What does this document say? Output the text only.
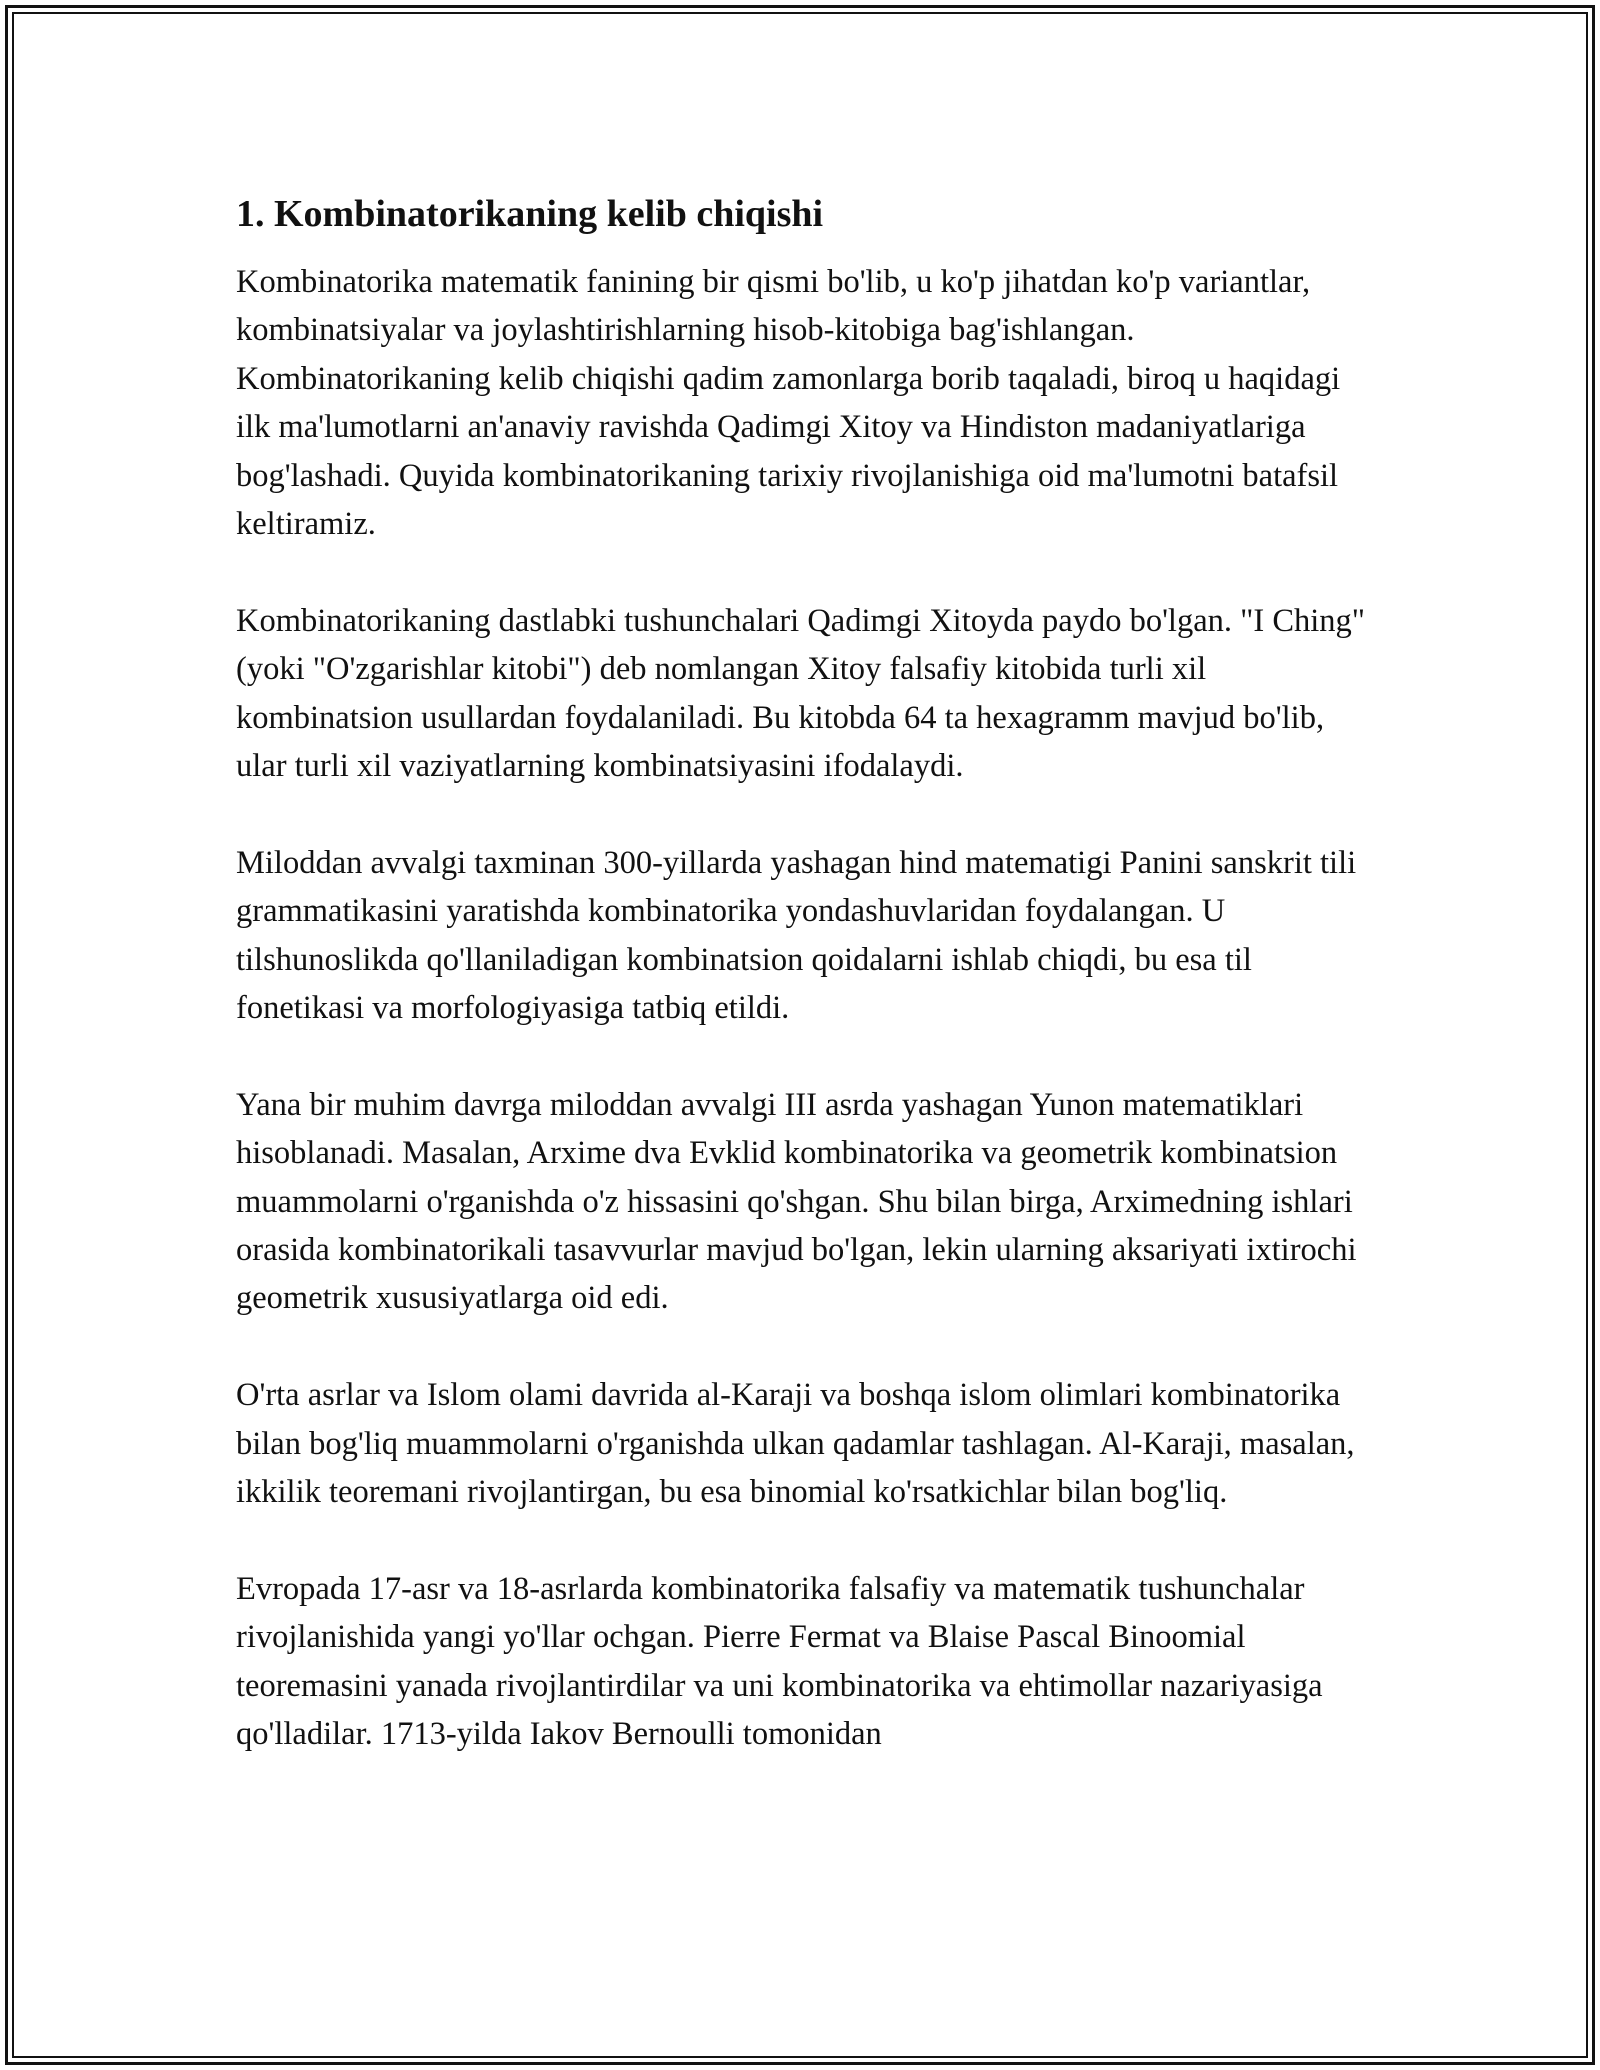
1. Kombinatorikaning kelib chiqishi

Kombinatorika matematik fanining bir qismi bo'lib, u ko'p jihatdan ko'p variantlar, kombinatsiyalar va joylashtirishlarning hisob-kitobiga bag'ishlangan. Kombinatorikaning kelib chiqishi qadim zamonlarga borib taqaladi, biroq u haqidagi ilk ma'lumotlarni an'anaviy ravishda Qadimgi Xitoy va Hindiston madaniyatlariga bog'lashadi. Quyida kombinatorikaning tarixiy rivojlanishiga oid ma'lumotni batafsil keltiramiz.

Kombinatorikaning dastlabki tushunchalari Qadimgi Xitoyda paydo bo'lgan. "I Ching" (yoki "O'zgarishlar kitobi") deb nomlangan Xitoy falsafiy kitobida turli xil kombinatsion usullardan foydalaniladi. Bu kitobda 64 ta hexagramm mavjud bo'lib, ular turli xil vaziyatlarning kombinatsiyasini ifodalaydi.

Miloddan avvalgi taxminan 300-yillarda yashagan hind matematigi Panini sanskrit tili grammatikasini yaratishda kombinatorika yondashuvlaridan foydalangan. U tilshunoslikda qo'llaniladigan kombinatsion qoidalarni ishlab chiqdi, bu esa til fonetikasi va morfologiyasiga tatbiq etildi.

Yana bir muhim davrga miloddan avvalgi III asrda yashagan Yunon matematiklari hisoblanadi. Masalan, Arxime dva Evklid kombinatorika va geometrik kombinatsion muammolarni o'rganishda o'z hissasini qo'shgan. Shu bilan birga, Arximedning ishlari orasida kombinatorikali tasavvurlar mavjud bo'lgan, lekin ularning aksariyati ixtirochi geometrik xususiyatlarga oid edi.

O'rta asrlar va Islom olami davrida al-Karaji va boshqa islom olimlari kombinatorika bilan bog'liq muammolarni o'rganishda ulkan qadamlar tashlagan. Al-Karaji, masalan, ikkilik teoremani rivojlantirgan, bu esa binomial ko'rsatkichlar bilan bog'liq.

Evropada 17-asr va 18-asrlarda kombinatorika falsafiy va matematik tushunchalar rivojlanishida yangi yo'llar ochgan. Pierre Fermat va Blaise Pascal Binoomial teoremasini yanada rivojlantirdilar va uni kombinatorika va ehtimollar nazariyasiga qo'lladilar. 1713-yilda Iakov Bernoulli tomonidan
